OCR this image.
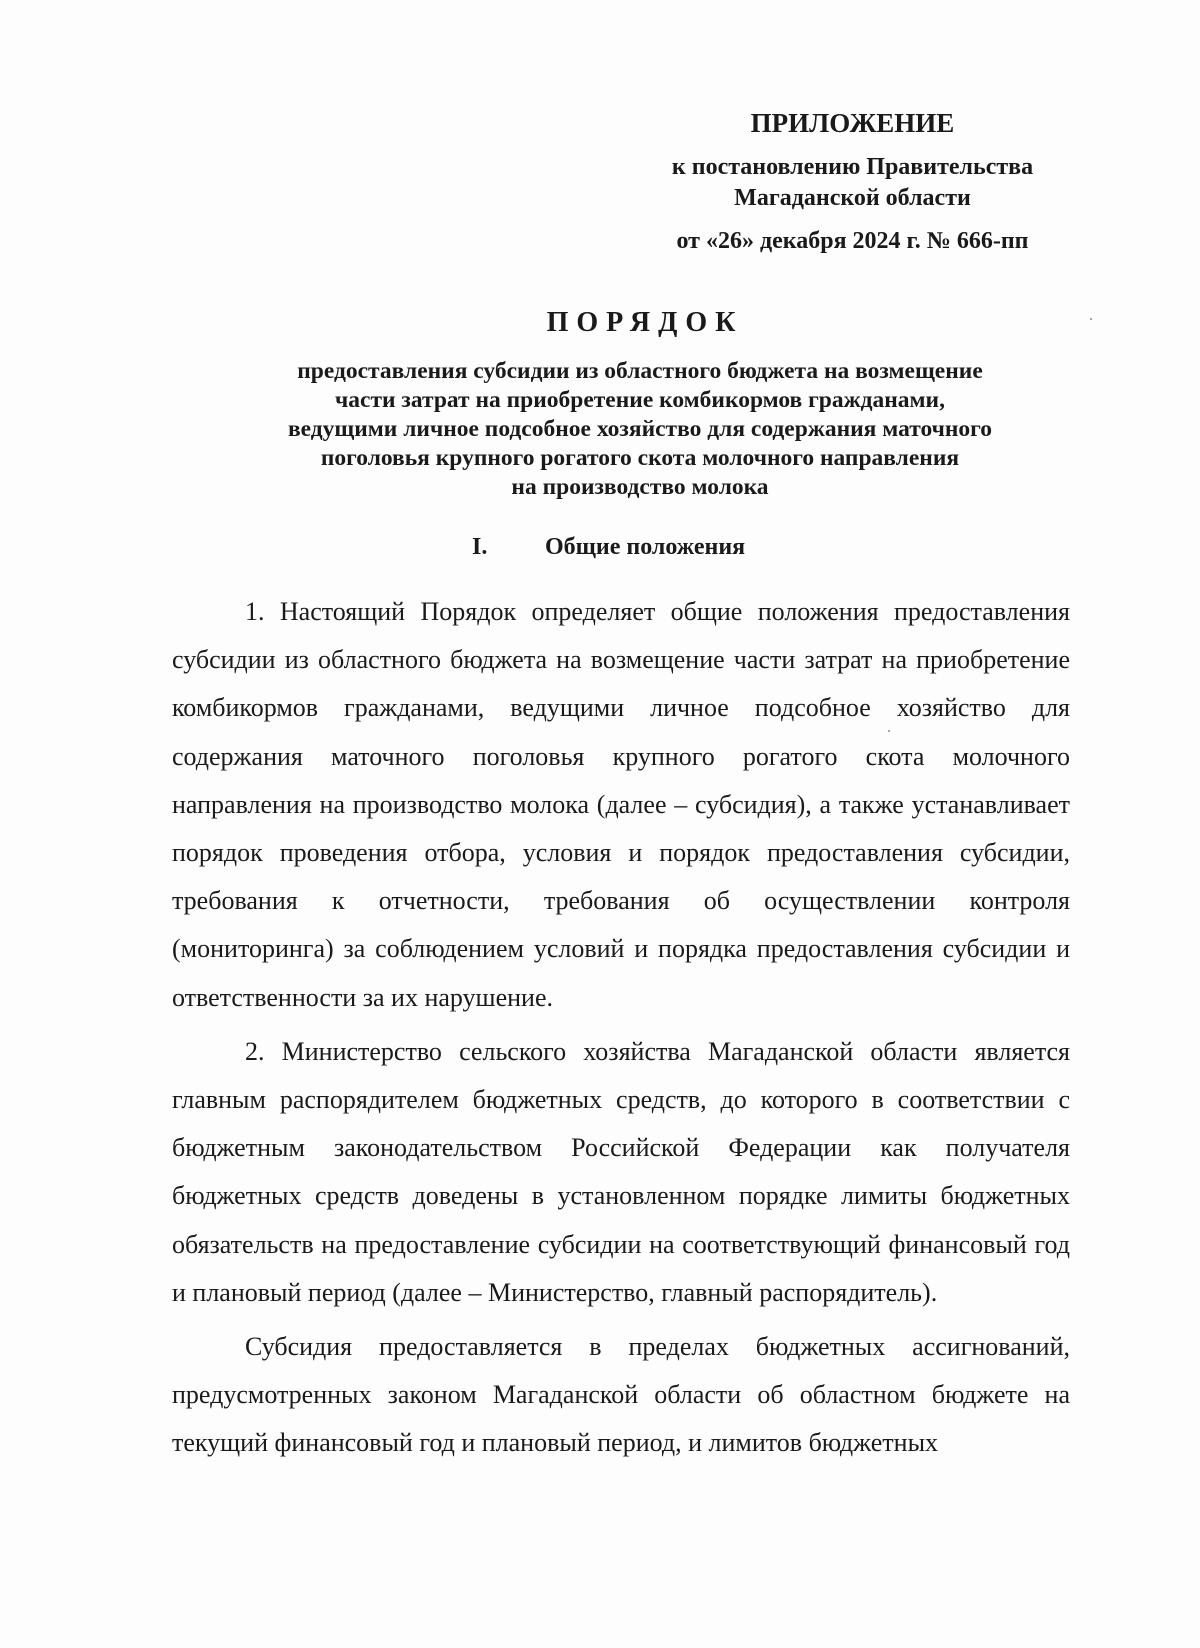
ПРИЛОЖЕНИЕ
к постановлению Правительства
Магаданской области
от «26» декабря 2024 г. № 666-пп
ПОРЯДОК
предоставления субсидии из областного бюджета на возмещение
части затрат на приобретение комбикормов гражданами,
ведущими личное подсобное хозяйство для содержания маточного
поголовья крупного рогатого скота молочного направления
на производство молока
I. Общие положения

1. Настоящий Порядок определяет общие положения предоставления субсидии из областного бюджета на возмещение части затрат на приобретение комбикормов гражданами, ведущими личное подсобное хозяйство для содержания маточного поголовья крупного рогатого скота молочного направления на производство молока (далее – субсидия), а также устанавливает порядок проведения отбора, условия и порядок предоставления субсидии, требования к отчетности, требования об осуществлении контроля (мониторинга) за соблюдением условий и порядка предоставления субсидии и ответственности за их нарушение.

2. Министерство сельского хозяйства Магаданской области является главным распорядителем бюджетных средств, до которого в соответствии с бюджетным законодательством Российской Федерации как получателя бюджетных средств доведены в установленном порядке лимиты бюджетных обязательств на предоставление субсидии на соответствующий финансовый год и плановый период (далее – Министерство, главный распорядитель).

Субсидия предоставляется в пределах бюджетных ассигнований, предусмотренных законом Магаданской области об областном бюджете на текущий финансовый год и плановый период, и лимитов бюджетных
